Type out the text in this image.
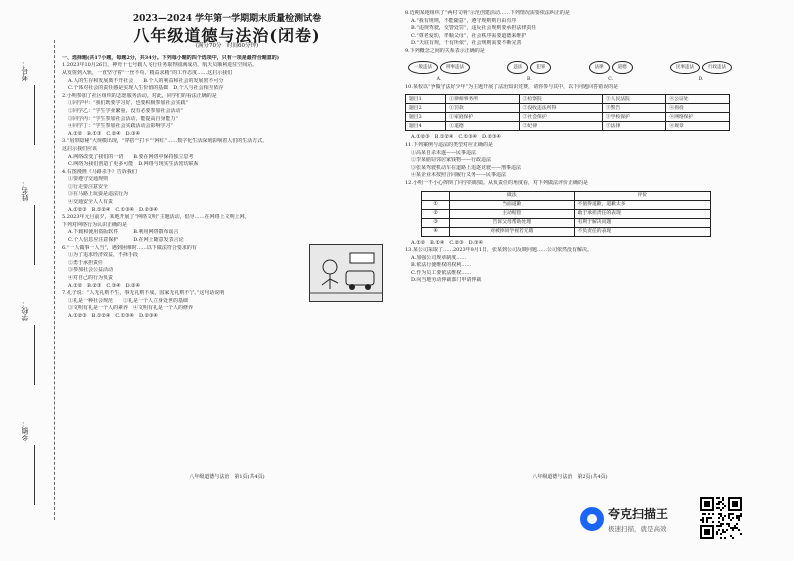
考号：
姓名：
学校：
乡镇：
2023—2024 学年第一学期期末质量检测试卷
八年级道德与法治(闭卷)
(满分70分　时间60分钟)
一、选择题(共17小题，每题2分，共34分。下列每小题的四个选项中，只有一项是最符合题意的)
1.2023年10月26日，神舟十七号载人飞行任务取得圆满成功，航天员顺利进驻空间站。
从发射到入轨，一直坚守着“一丝不苟、精益求精”的工作态度……这启示我们
A.人的生存和发展离不开社会　　B.个人的利益和社会的发展密不可分
C.个体对社会的责任感是实现人生价值的基础　D.个人与社会相互依存
2.小明参加了社区组织的志愿服务活动。对此，同学们的看法正确的是
①同学甲：“我们既要学习好，也要积极参加社会实践”
②同学乙：“学生学业繁重，没有必要参加社会活动”
③同学丙：“学生参加社会活动，能提高自身能力”
④同学丁：“学生参加社会实践活动会影响学习”
A.①②　B.①③　C.②④　D.③④
3.“肩带隐秘”大规模出现，“穿搭”“打卡”“网红”……数字化生活深刻影响着人们的生活方式。
这启示我们应该
A.网络改变了我们的一切　　B.要在网络中保持独立思考
C.网络为我们创造了更多可能　D.网络与现实生活密切联系
4.右图漫画《马路杀手》告诉我们
①要遵守交通规则
②行走要注意安全
③在马路上玩耍是违法行为
④交通安全人人有责
A.①②③　B.①②④　C.①③④　D.②③④
5.2023年元旦前夕，某地开展了“网络文明”主题活动，倡导……在网络上文明上网。
下列对网络行为认识正确的是
A.下载和使用盗版软件　　　B.利用网络散布谣言
C.个人信息应注意保护　　　D.在网上随意发表言论
6.“一人做事一人当”，遇到困难时……以下做法符合要求的有
①为了追求经济效益，不择手段
②勇于承担责任
③参加社会公益活动
④对自己的行为负责
A.①②　B.②③　C.③④　D.②④
7.孔子说：“人无礼则不生，事无礼则不成，国家无礼则不宁。”这句话说明
①礼是一种社会规范　　②礼是一个人立身处世的基础
③文明有礼是一个人的素养　④文明有礼是一个人的修养
A.①②③　B.①②④　C.①③④　D.②③④
八年级道德与法治　第1页(共4页)
8.近期某地组织了“两村文明”示范创建活动……下列情况需要依法纠正的是
A.“我有规则，不能随意”，遵守规则则自由有序
B.“违规驾驶，交警处罚”，违反社会规则要承担法律责任
C.“尊老爱幼，孝顺父母”，社会秩序需要道德来维护
D.“天底有规，千有所依”，社会规则需要不断完善
9.下列概念之间的关系表示正确的是
一般违法	刑事违法
A.
违法	犯罪
B.
法律	道德
C.
民事违法	行政违法
D.
10.某校以“争做守法好少年”为主题开展了法治知识竞赛，请你参与其中，以下问题回答错误的是
题目1	①律师事务所	②检察院	③人民法院	④公证处
题目2	①罚款	②没收违法所得	③警告	④拘役
题目3	①家庭保护	②社会保护	③学校保护	④网络保护
题目4	①道德	②纪律	③法律	④规章
A.①②③　B.①②④　C.①③④　D.②③④
11.下列案例与违法的类型对应正确的是
①高某自杀未遂——民事违法
②李某偷窃邻居家钱物——行政违法
③张某驾驶机动车在道路上追逐竞驶——刑事违法
④某企业未按照合同履行义务——民事违法
12.小明一不小心摔倒了同学的眼镜。从负责任的角度看，对下列做法评价正确的是
	做法	评价
①	当面道歉	不值得道歉，道歉太多
②	主动赔偿	敢于承担责任的表现
③	告诉父母帮助处理	有利于解决问题
④	对被摔同学视若无睹	不负责任的表现
A.①②　B.①④　C.②③　D.③④
13.某公司采取了……2023年9月1日，张某到公司反映问题……公司依然没有解决。
A.加强公司规章制度……
B.依法行使维权的权利……
C.作为员工要依法维权……
D.向当地劳动仲裁部门申请仲裁
八年级道德与法治　第2页(共4页)
夸克扫描王
极速扫描，就是高效
